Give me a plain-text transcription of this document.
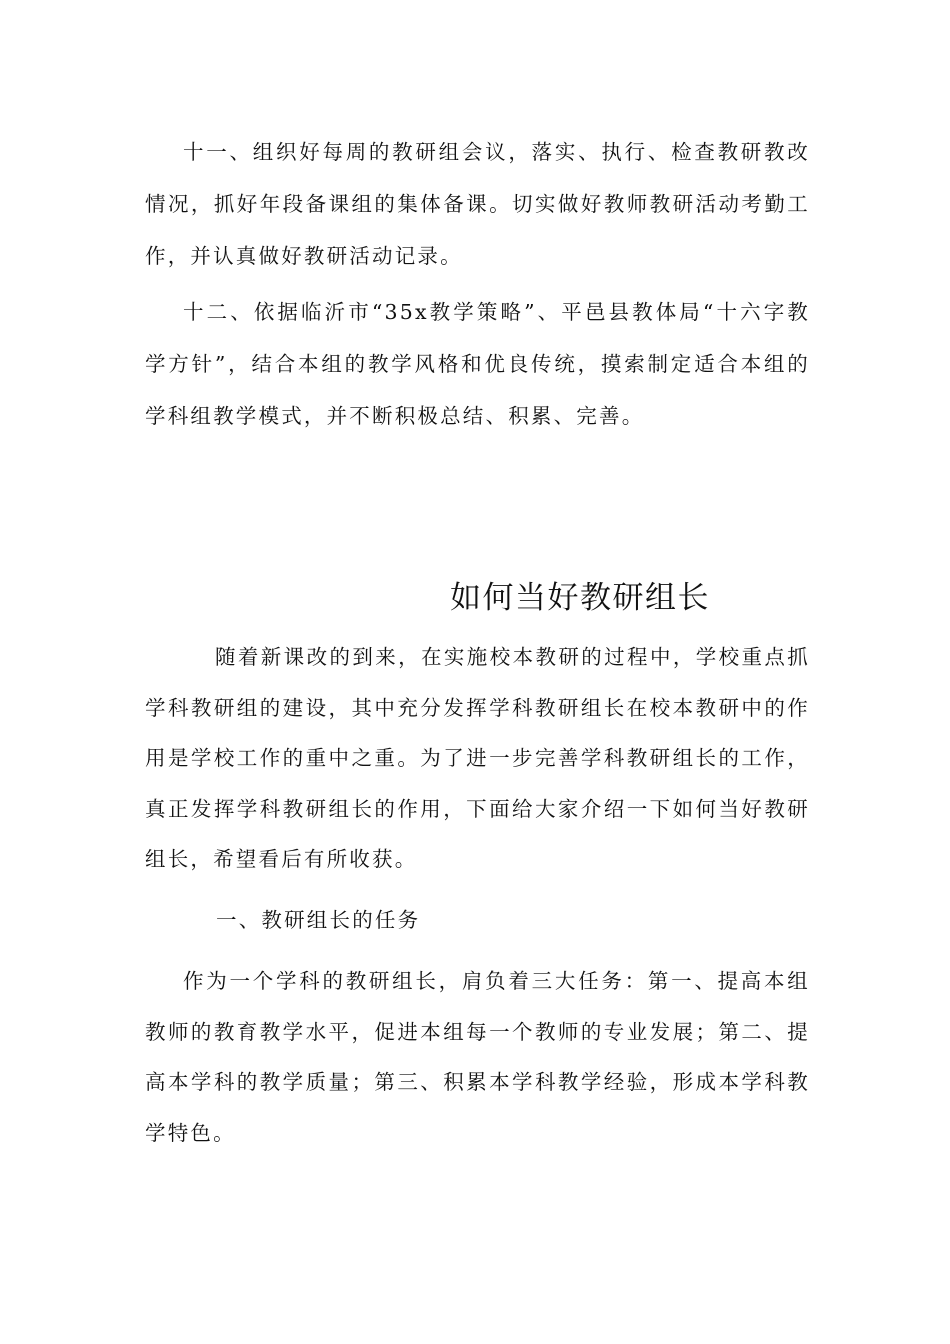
十一、组织好每周的教研组会议，落实、执行、检查教研教改情况，抓好年段备课组的集体备课。切实做好教师教研活动考勤工作，并认真做好教研活动记录。

十二、依据临沂市“35x教学策略”、平邑县教体局“十六字教学方针”，结合本组的教学风格和优良传统，摸索制定适合本组的学科组教学模式，并不断积极总结、积累、完善。

如何当好教研组长

随着新课改的到来，在实施校本教研的过程中，学校重点抓学科教研组的建设，其中充分发挥学科教研组长在校本教研中的作用是学校工作的重中之重。为了进一步完善学科教研组长的工作，真正发挥学科教研组长的作用，下面给大家介绍一下如何当好教研组长，希望看后有所收获。

一、教研组长的任务

作为一个学科的教研组长，肩负着三大任务：第一、提高本组教师的教育教学水平，促进本组每一个教师的专业发展；第二、提高本学科的教学质量；第三、积累本学科教学经验，形成本学科教学特色。
